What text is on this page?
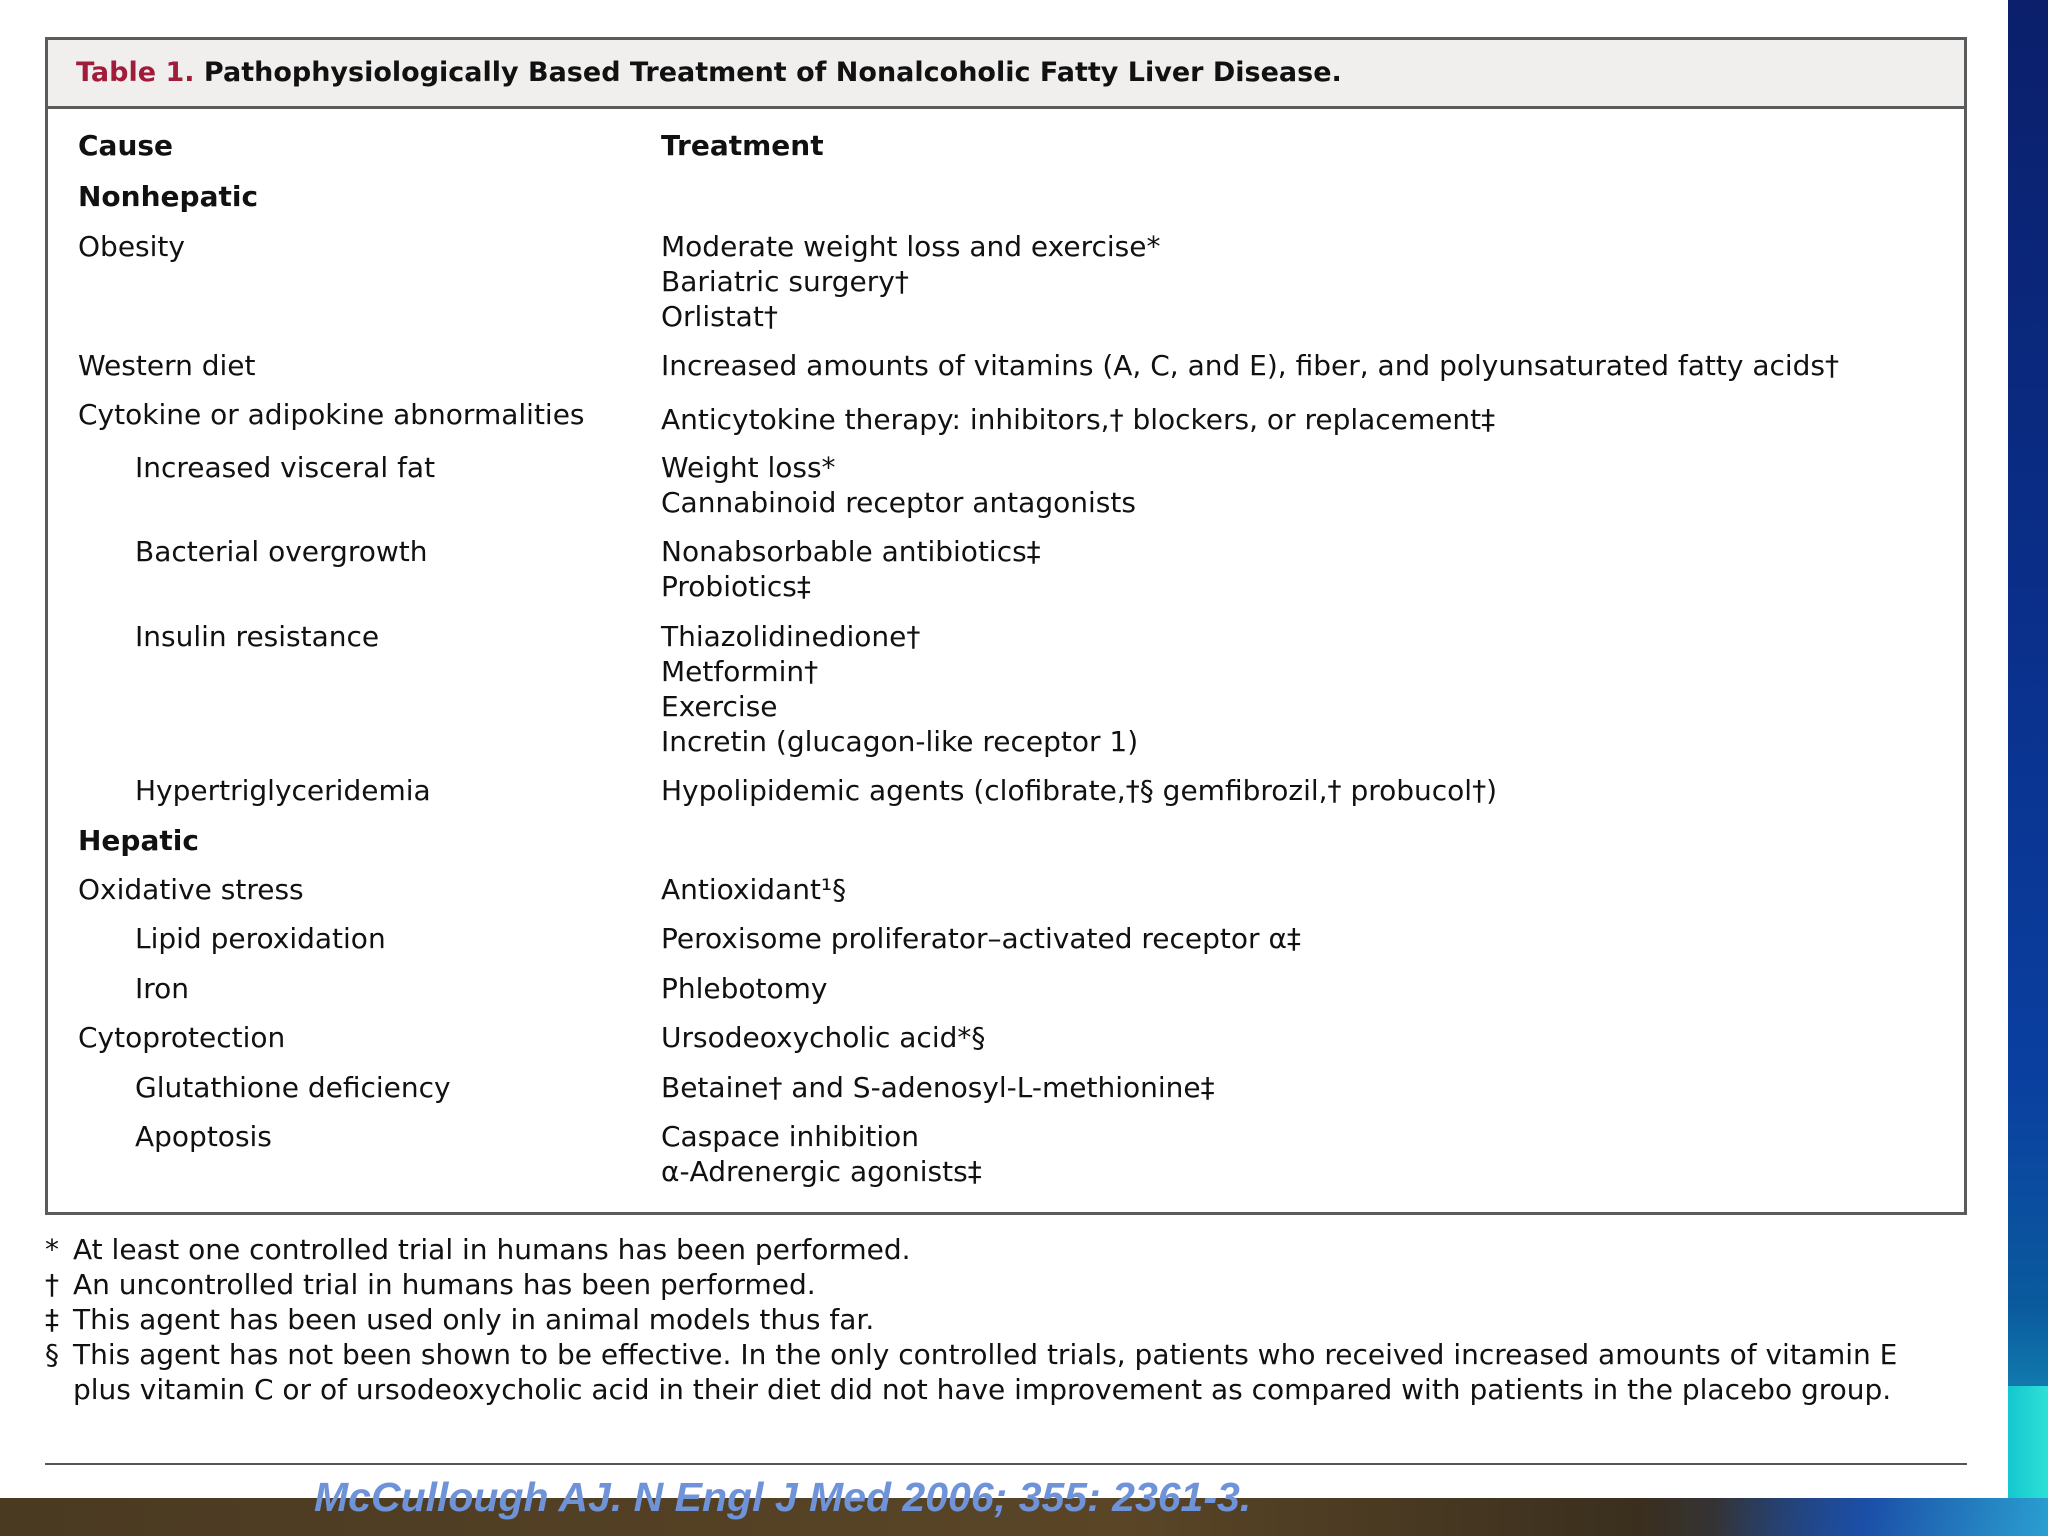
Table 1. Pathophysiologically Based Treatment of Nonalcoholic Fatty Liver Disease.
Cause	Treatment
Nonhepatic
Obesity	Moderate weight loss and exercise*
Bariatric surgery†
Orlistat†
Western diet	Increased amounts of vitamins (A, C, and E), fiber, and polyunsaturated fatty acids†
Cytokine or adipokine abnormalities	Anticytokine therapy: inhibitors,† blockers, or replacement‡
Increased visceral fat	Weight loss*
Cannabinoid receptor antagonists
Bacterial overgrowth	Nonabsorbable antibiotics‡
Probiotics‡
Insulin resistance	Thiazolidinedione†
Metformin†
Exercise
Incretin (glucagon-like receptor 1)
Hypertriglyceridemia	Hypolipidemic agents (clofibrate,†§ gemfibrozil,† probucol†)
Hepatic
Oxidative stress	Antioxidant¹§
Lipid peroxidation	Peroxisome proliferator–activated receptor α‡
Iron	Phlebotomy
Cytoprotection	Ursodeoxycholic acid*§
Glutathione deficiency	Betaine† and S-adenosyl-L-methionine‡
Apoptosis	Caspace inhibition
α-Adrenergic agonists‡
* At least one controlled trial in humans has been performed.
† An uncontrolled trial in humans has been performed.
‡ This agent has been used only in animal models thus far.
§ This agent has not been shown to be effective. In the only controlled trials, patients who received increased amounts of vitamin E plus vitamin C or of ursodeoxycholic acid in their diet did not have improvement as compared with patients in the placebo group.
McCullough AJ. N Engl J Med 2006; 355: 2361-3.
